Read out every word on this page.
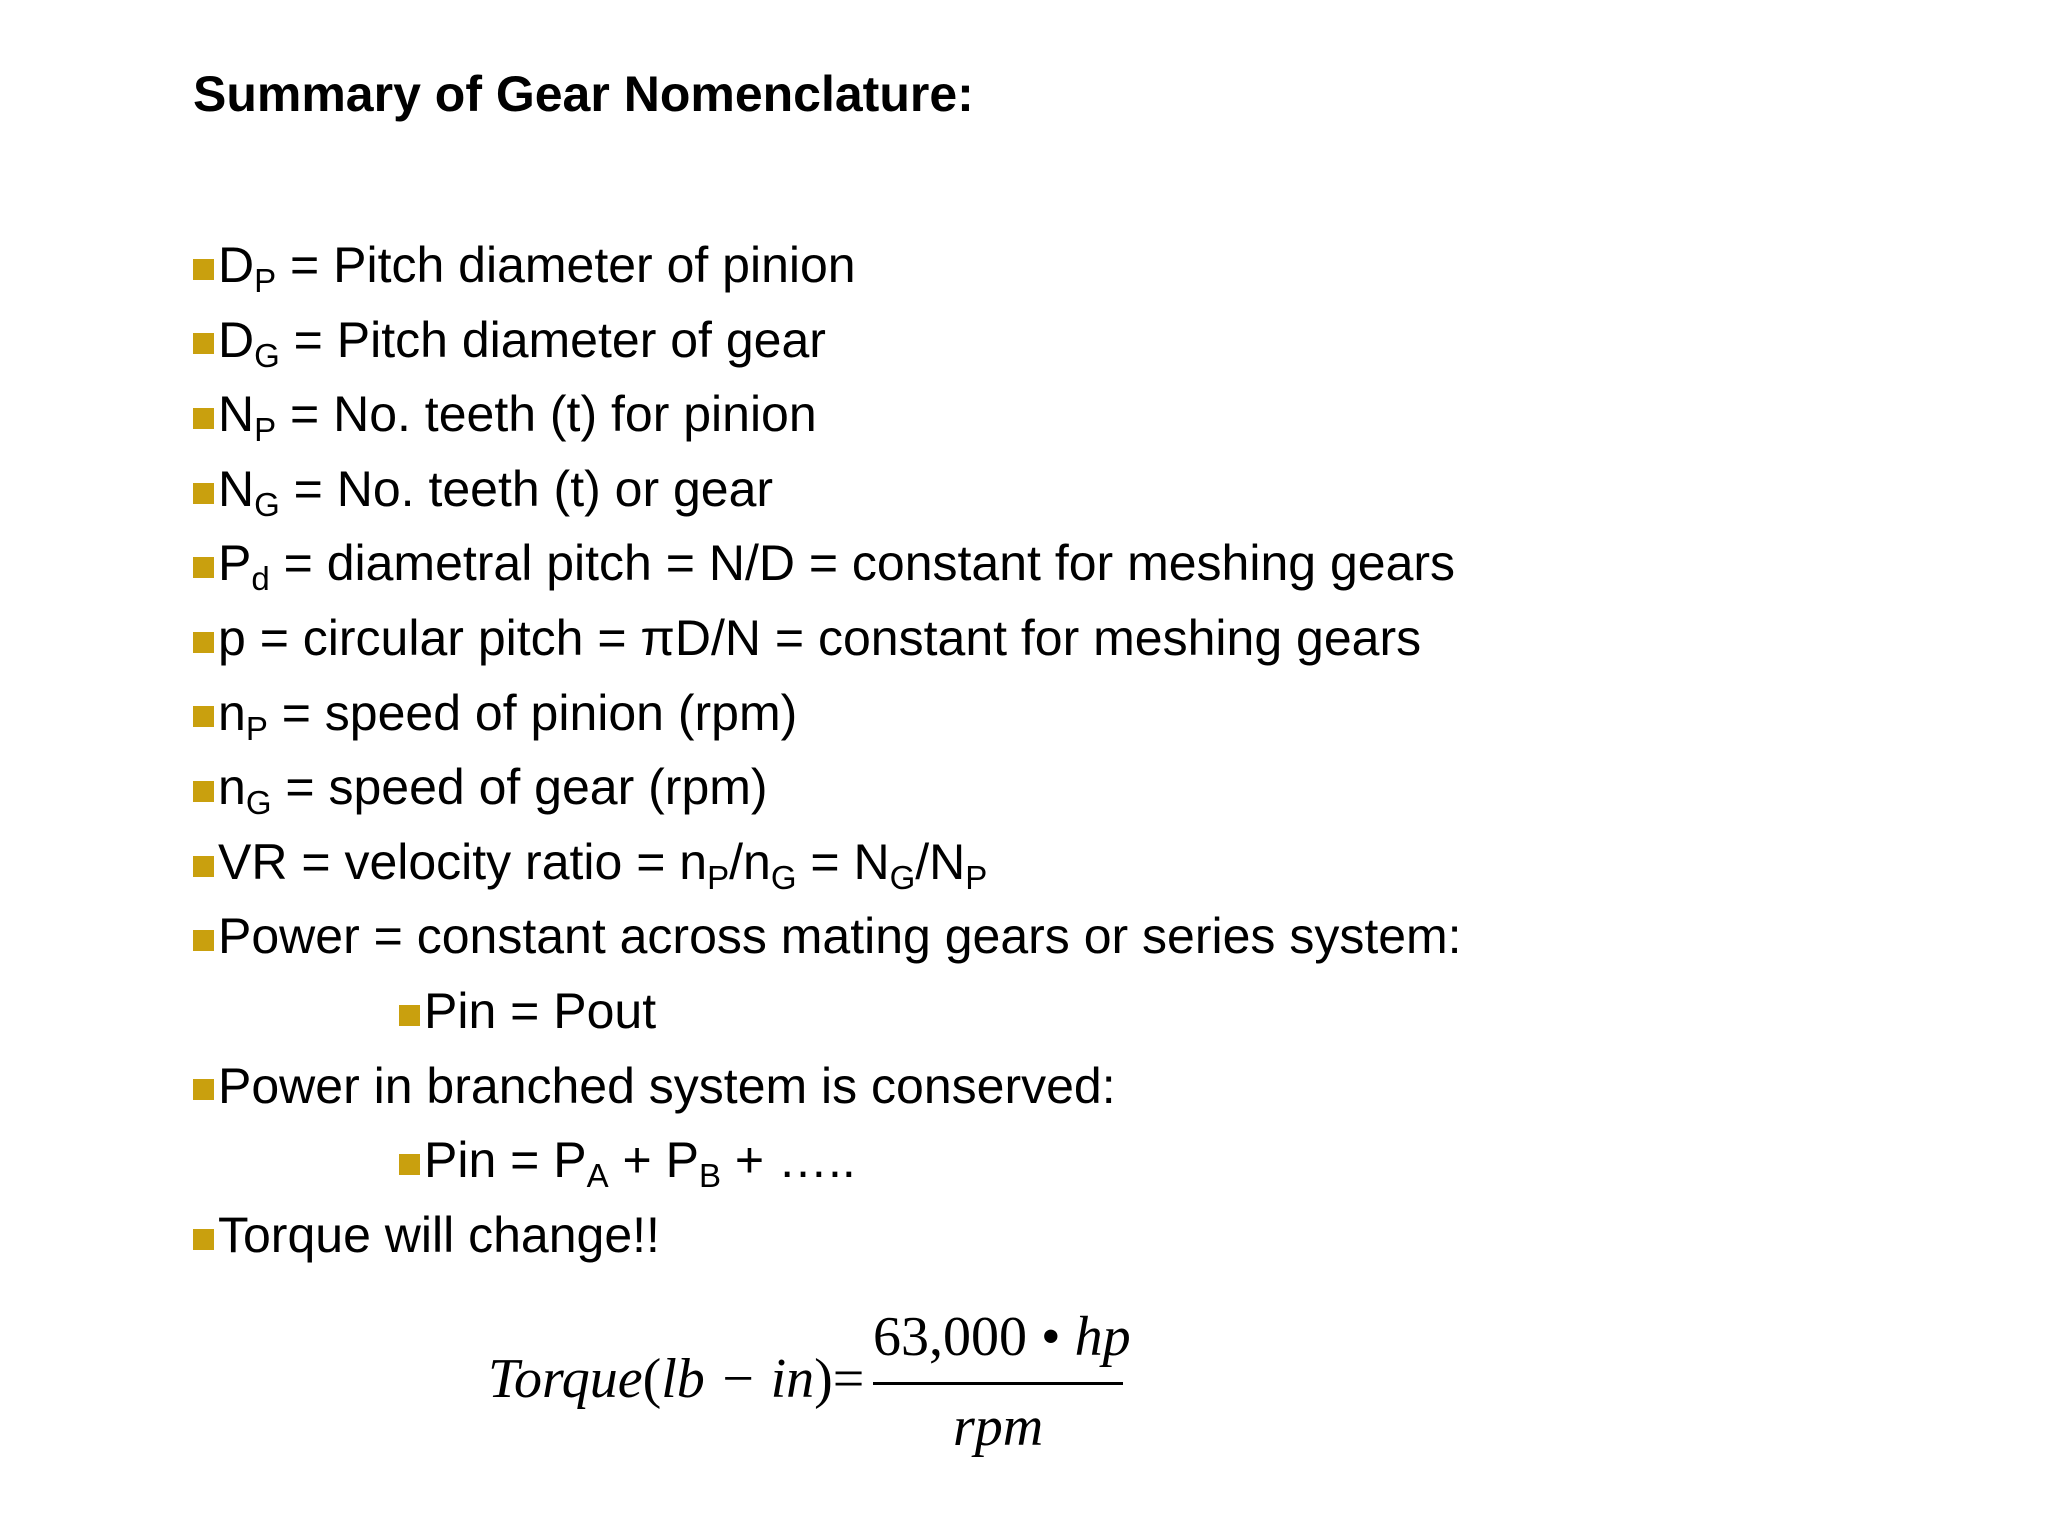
Summary of Gear Nomenclature:
$D_P$ = Pitch diameter of pinion
$D_G$ = Pitch diameter of gear
$N_P = No$. teeth (t) for pinion
$N_G = No$. teeth (t) or gear
$P_d$ = diametral pitch = N/D = constant for meshing gears
p = circular pitch = πD/N = constant for meshing gears
$n_P$ = speed of pinion (rpm)
$n_G$ = speed of gear (rpm)
VR = velocity ratio = $n_P/n_G = N_G/N_P$
Power = constant across mating gears or series system:
Pin = Pout
Power in branched system is conserved:
Pin = $P_A + P_B$ + …..
Torque will change!!
Torque(lb − in)=
63,000 • hp
rpm
